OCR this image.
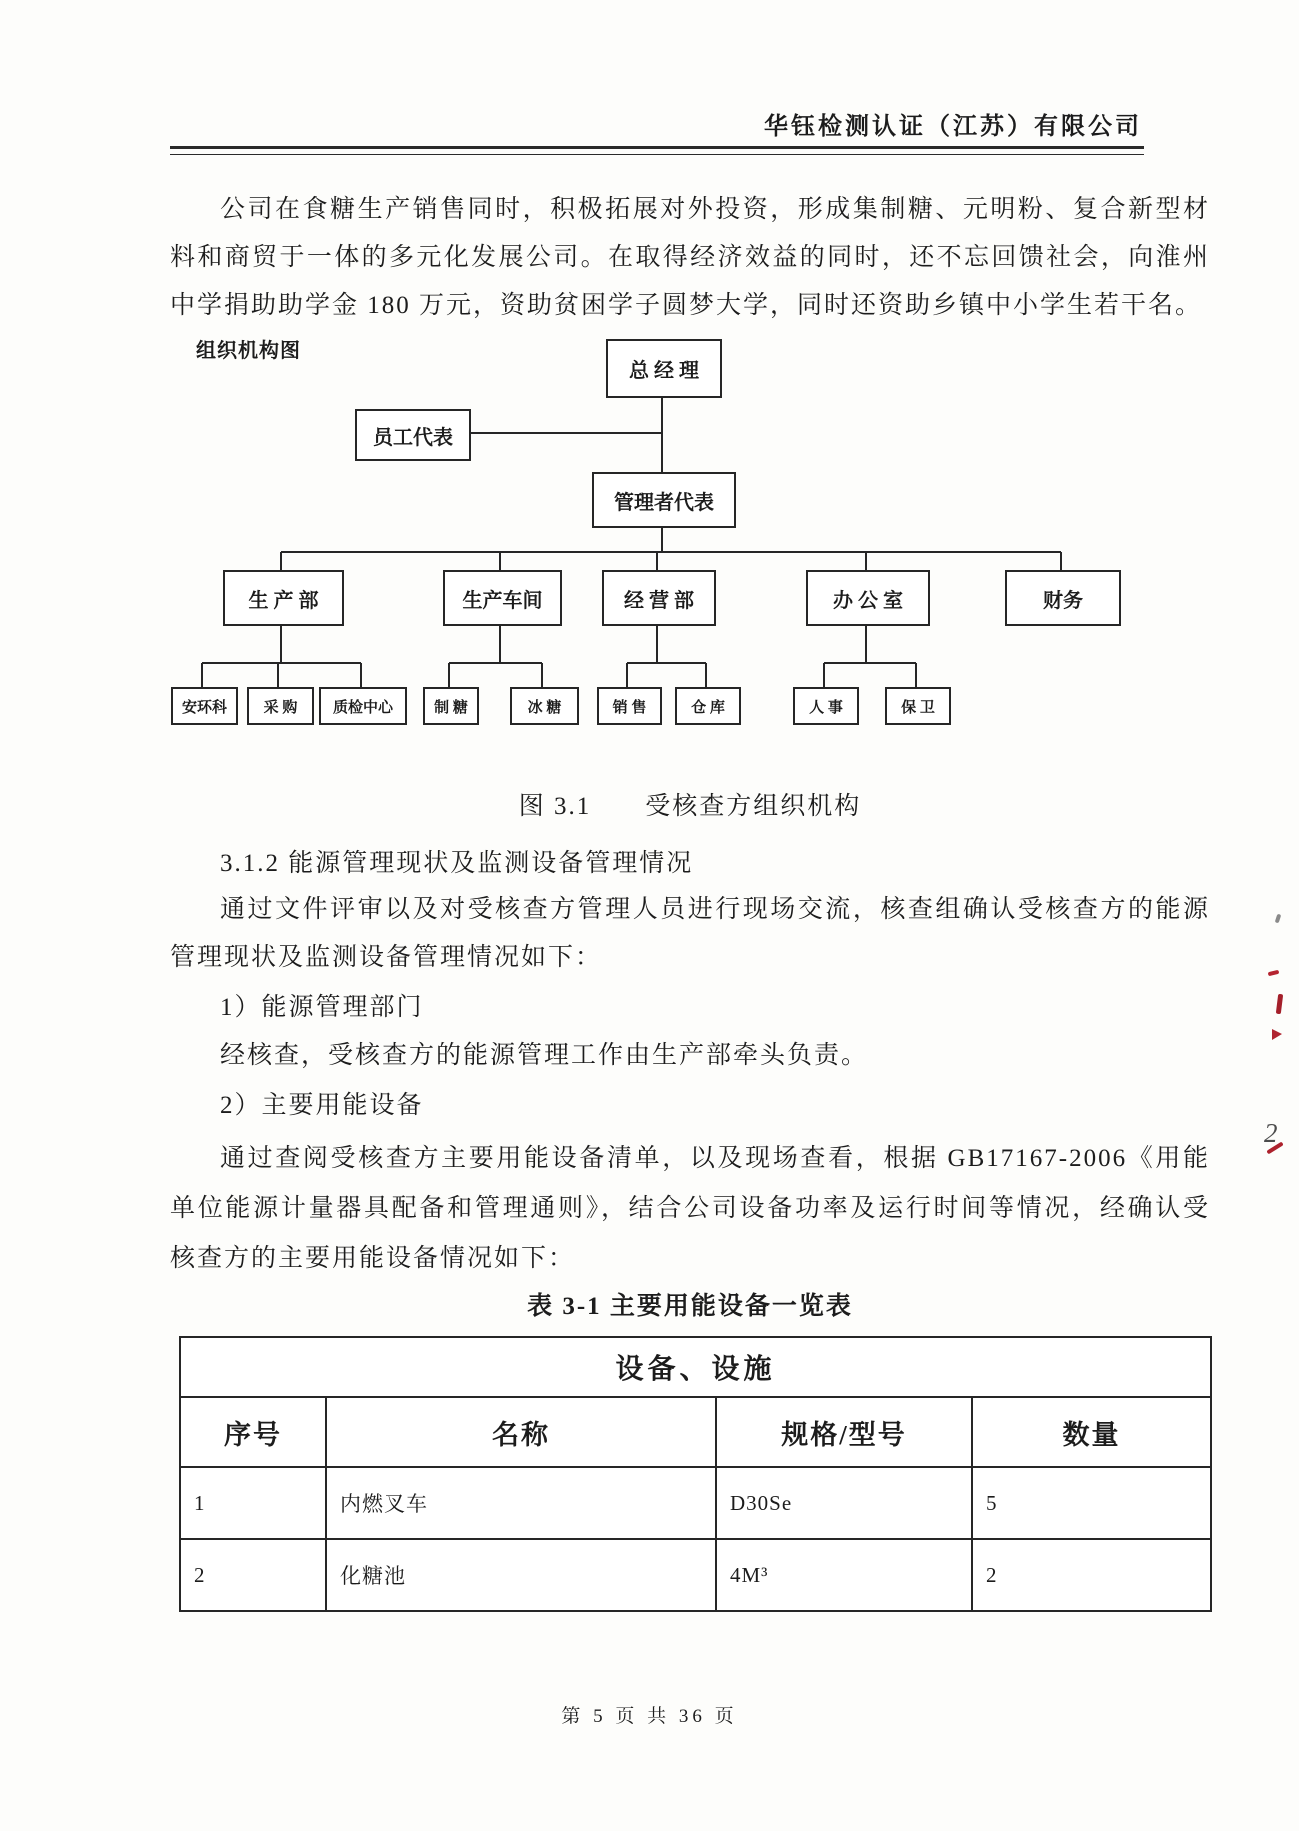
华钰检测认证（江苏）有限公司

公司在食糖生产销售同时，积极拓展对外投资，形成集制糖、元明粉、复合新型材料和商贸于一体的多元化发展公司。在取得经济效益的同时，还不忘回馈社会，向淮州中学捐助助学金 180 万元，资助贫困学子圆梦大学，同时还资助乡镇中小学生若干名。

组织机构图
总 经 理
员工代表
管理者代表
生 产 部	生产车间	经 营 部	办 公 室	财务
安环科	采 购	质检中心	制 糖	冰 糖	销 售	仓 库	人 事	保 卫
图 3.1　　受核查方组织机构
3.1.2 能源管理现状及监测设备管理情况

通过文件评审以及对受核查方管理人员进行现场交流，核查组确认受核查方的能源管理现状及监测设备管理情况如下：

1）能源管理部门
经核查，受核查方的能源管理工作由生产部牵头负责。
2）主要用能设备

通过查阅受核查方主要用能设备清单，以及现场查看，根据 GB17167-2006《用能单位能源计量器具配备和管理通则》，结合公司设备功率及运行时间等情况，经确认受核查方的主要用能设备情况如下：

表 3-1 主要用能设备一览表
设备、设施			
序号	名称	规格/型号	数量
1	内燃叉车	D30Se	5
2	化糖池	4M³	2
第 5 页 共 36 页
2
